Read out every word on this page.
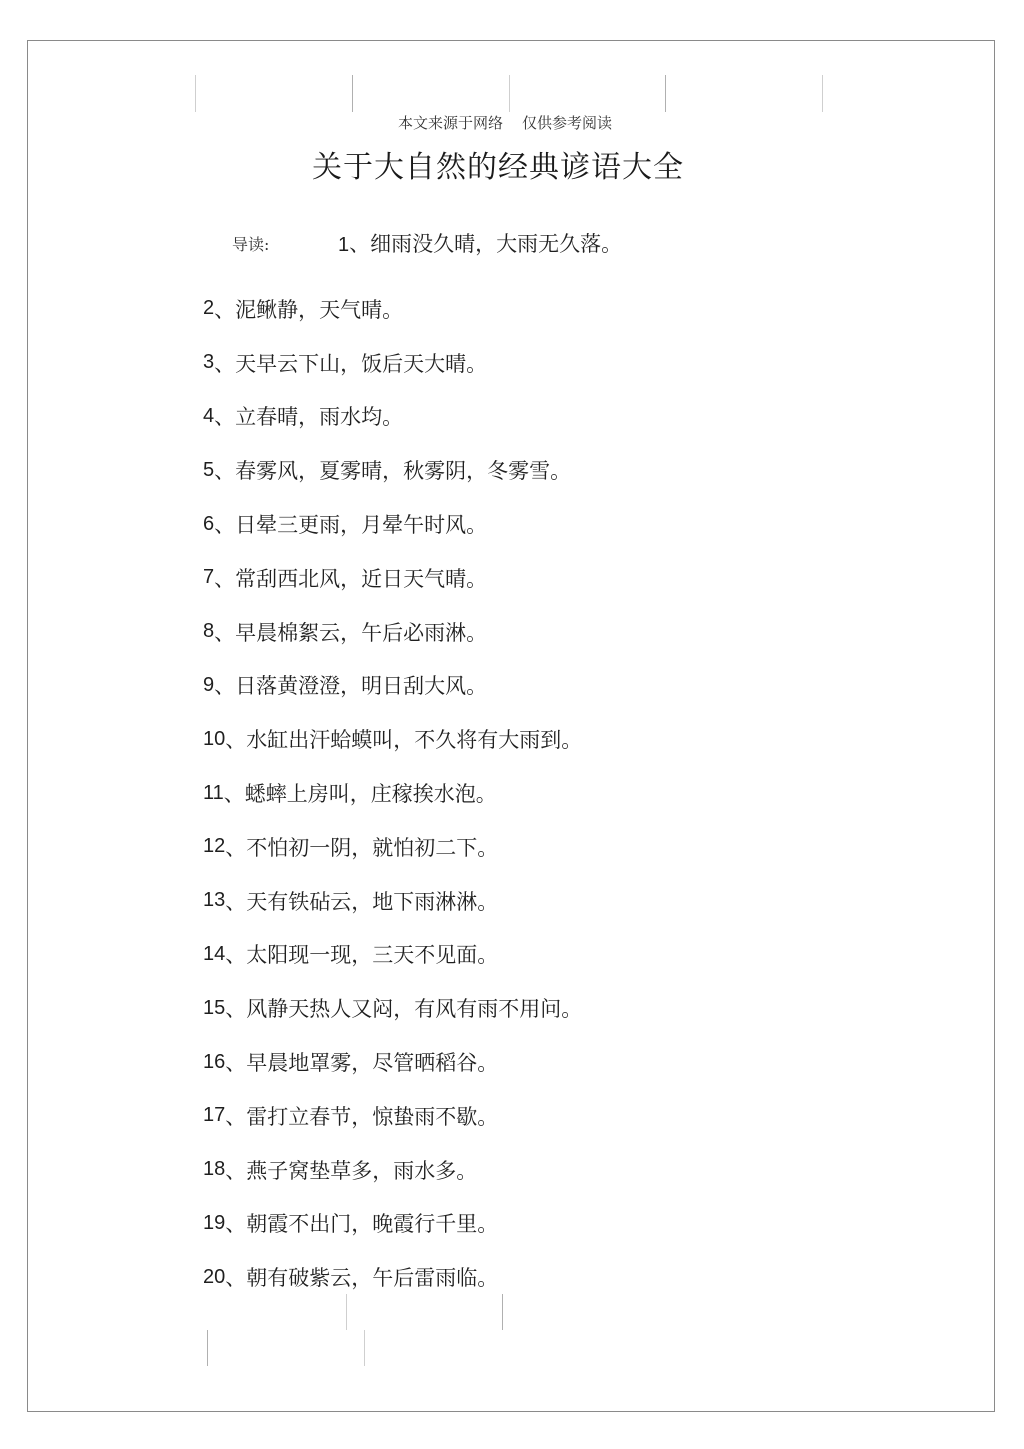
本文来源于网络    仅供参考阅读
关于大自然的经典谚语大全
导读:	1 、细雨没久晴，大雨无久落。
2 、泥鳅静，天气晴。
3 、天早云下山，饭后天大晴。
4 、立春晴，雨水均。
5 、春雾风，夏雾晴，秋雾阴，冬雾雪。
6 、日晕三更雨，月晕午时风。
7 、常刮西北风，近日天气晴。
8 、早晨棉絮云，午后必雨淋。
9 、日落黄澄澄，明日刮大风。
10 、水缸出汗蛤蟆叫，不久将有大雨到。
11 、蟋蟀上房叫，庄稼挨水泡。
12 、不怕初一阴，就怕初二下。
13 、天有铁砧云，地下雨淋淋。
14 、太阳现一现，三天不见面。
15 、风静天热人又闷，有风有雨不用问。
16 、早晨地罩雾，尽管晒稻谷。
17 、雷打立春节，惊蛰雨不歇。
18 、燕子窝垫草多，雨水多。
19 、朝霞不出门，晚霞行千里。
20 、朝有破紫云，午后雷雨临。
